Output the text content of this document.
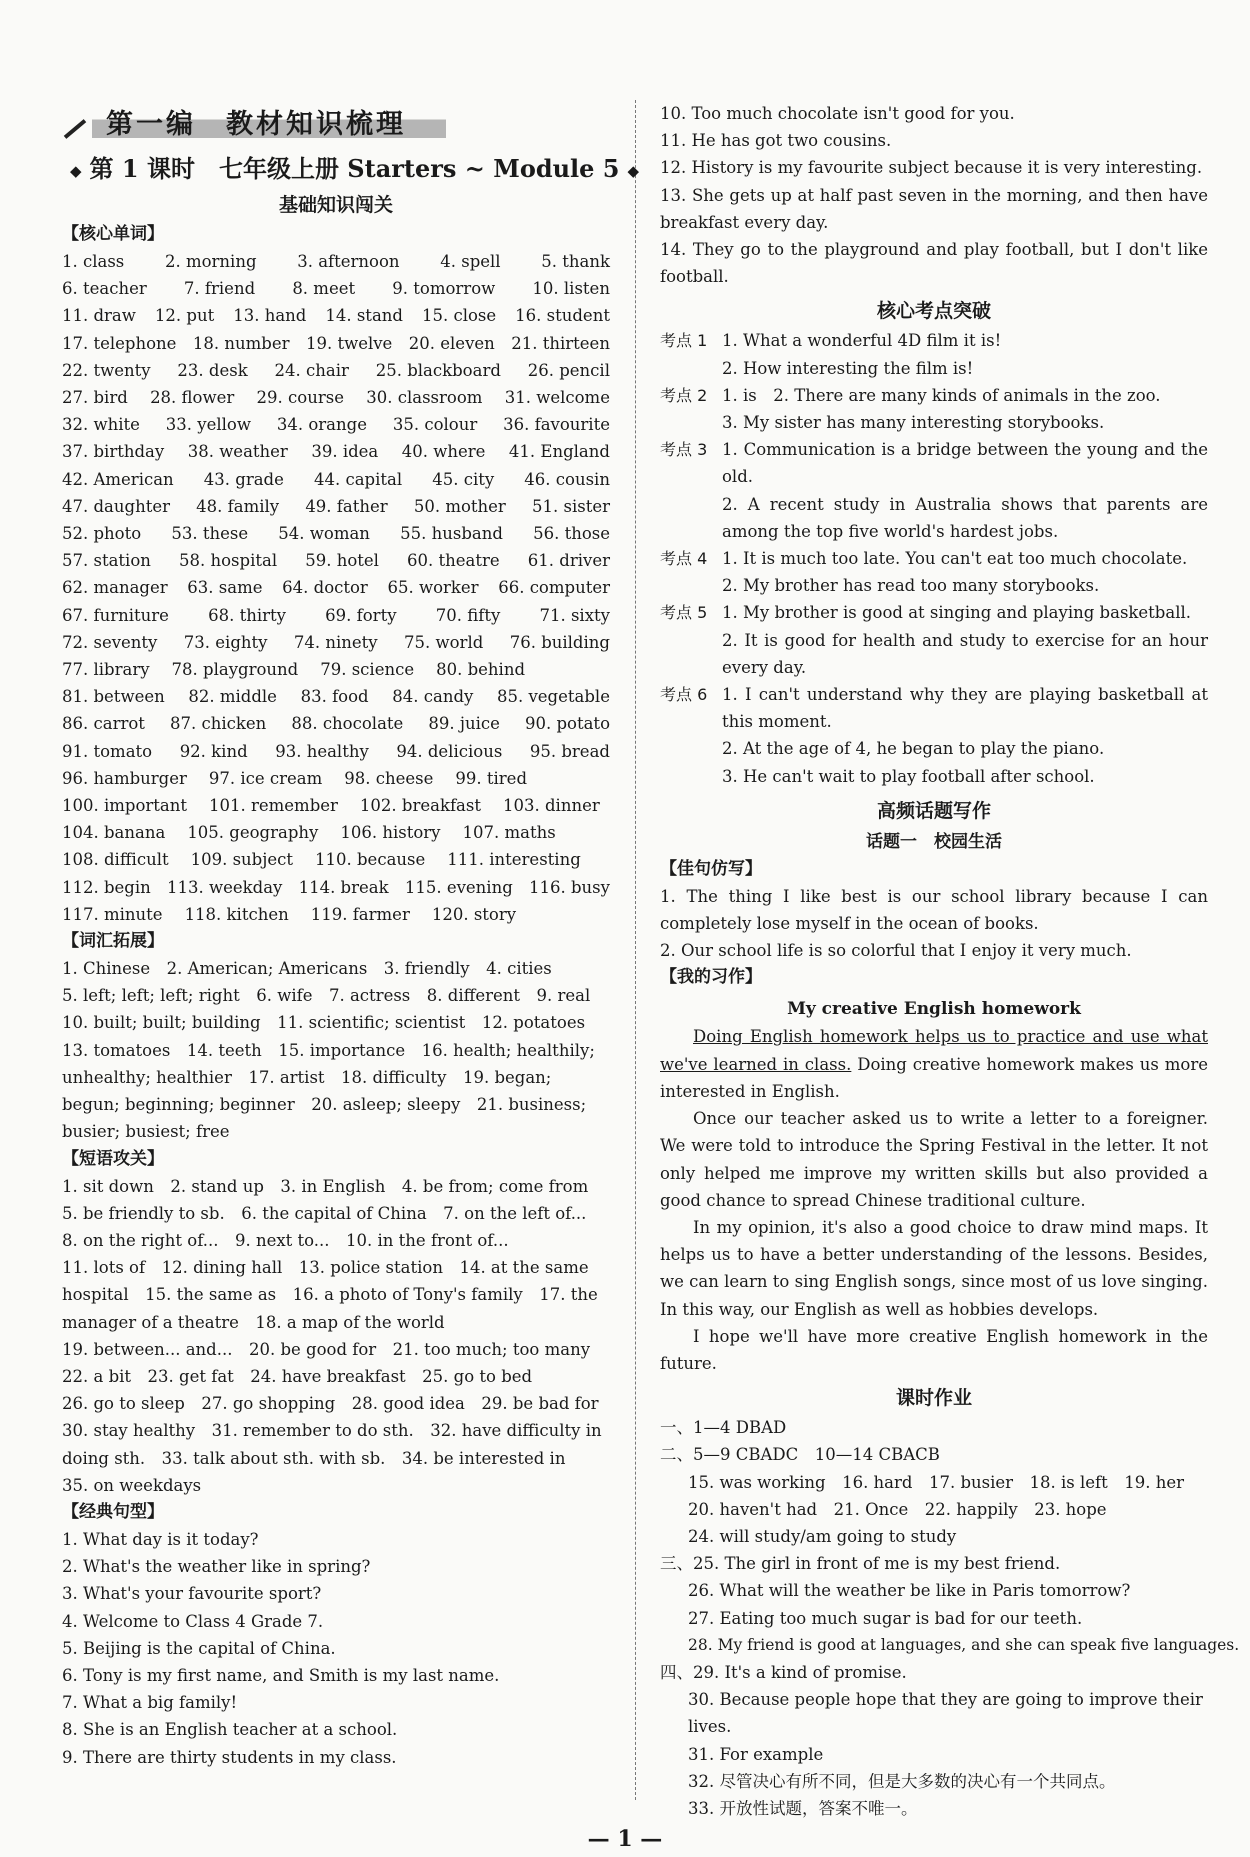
第一编　教材知识梳理
◆ 第 1 课时　七年级上册 Starters ~ Module 5 ◆
基础知识闯关
【核心单词】
1. class 2. morning 3. afternoon 4. spell 5. thank
6. teacher 7. friend 8. meet 9. tomorrow 10. listen
11. draw 12. put 13. hand 14. stand 15. close 16. student
17. telephone 18. number 19. twelve 20. eleven 21. thirteen
22. twenty 23. desk 24. chair 25. blackboard 26. pencil
27. bird 28. flower 29. course 30. classroom 31. welcome
32. white 33. yellow 34. orange 35. colour 36. favourite
37. birthday 38. weather 39. idea 40. where 41. England
42. American 43. grade 44. capital 45. city 46. cousin
47. daughter 48. family 49. father 50. mother 51. sister
52. photo 53. these 54. woman 55. husband 56. those
57. station 58. hospital 59. hotel 60. theatre 61. driver
62. manager 63. same 64. doctor 65. worker 66. computer
67. furniture 68. thirty 69. forty 70. fifty 71. sixty
72. seventy 73. eighty 74. ninety 75. world 76. building
77. library 78. playground 79. science 80. behind
81. between 82. middle 83. food 84. candy 85. vegetable
86. carrot 87. chicken 88. chocolate 89. juice 90. potato
91. tomato 92. kind 93. healthy 94. delicious 95. bread
96. hamburger 97. ice cream 98. cheese 99. tired
100. important 101. remember 102. breakfast 103. dinner
104. banana 105. geography 106. history 107. maths
108. difficult 109. subject 110. because 111. interesting
112. begin 113. weekday 114. break 115. evening 116. busy
117. minute 118. kitchen 119. farmer 120. story
【词汇拓展】
1. Chinese　2. American; Americans　3. friendly　4. cities
5. left; left; left; right　6. wife　7. actress　8. different　9. real
10. built; built; building　11. scientific; scientist　12. potatoes
13. tomatoes　14. teeth　15. importance　16. health; healthily;
unhealthy; healthier　17. artist　18. difficulty　19. began;
begun; beginning; beginner　20. asleep; sleepy　21. business;
busier; busiest; free
【短语攻关】
1. sit down　2. stand up　3. in English　4. be from; come from
5. be friendly to sb.　6. the capital of China　7. on the left of...
8. on the right of...　9. next to...　10. in the front of...
11. lots of　12. dining hall　13. police station　14. at the same
hospital　15. the same as　16. a photo of Tony's family　17. the
manager of a theatre　18. a map of the world
19. between... and...　20. be good for　21. too much; too many
22. a bit　23. get fat　24. have breakfast　25. go to bed
26. go to sleep　27. go shopping　28. good idea　29. be bad for
30. stay healthy　31. remember to do sth.　32. have difficulty in
doing sth.　33. talk about sth. with sb.　34. be interested in
35. on weekdays
【经典句型】
1. What day is it today?
2. What's the weather like in spring?
3. What's your favourite sport?
4. Welcome to Class 4 Grade 7.
5. Beijing is the capital of China.
6. Tony is my first name, and Smith is my last name.
7. What a big family!
8. She is an English teacher at a school.
9. There are thirty students in my class.
10. Too much chocolate isn't good for you.
11. He has got two cousins.
12. History is my favourite subject because it is very interesting.
13. She gets up at half past seven in the morning, and then have breakfast every day.
14. They go to the playground and play football, but I don't like football.
核心考点突破
考点 1 1. What a wonderful 4D film it is!
2. How interesting the film is!
考点 2 1. is　2. There are many kinds of animals in the zoo.
3. My sister has many interesting storybooks.
考点 3 1. Communication is a bridge between the young and the old.
2. A recent study in Australia shows that parents are among the top five world's hardest jobs.
考点 4 1. It is much too late. You can't eat too much chocolate.
2. My brother has read too many storybooks.
考点 5 1. My brother is good at singing and playing basketball.
2. It is good for health and study to exercise for an hour every day.
考点 6 1. I can't understand why they are playing basketball at this moment.
2. At the age of 4, he began to play the piano.
3. He can't wait to play football after school.
高频话题写作
话题一　校园生活
【佳句仿写】
1. The thing I like best is our school library because I can completely lose myself in the ocean of books.
2. Our school life is so colorful that I enjoy it very much.
【我的习作】
My creative English homework
Doing English homework helps us to practice and use what we've learned in class. Doing creative homework makes us more interested in English.
Once our teacher asked us to write a letter to a foreigner. We were told to introduce the Spring Festival in the letter. It not only helped me improve my written skills but also provided a good chance to spread Chinese traditional culture.
In my opinion, it's also a good choice to draw mind maps. It helps us to have a better understanding of the lessons. Besides, we can learn to sing English songs, since most of us love singing. In this way, our English as well as hobbies develops.
I hope we'll have more creative English homework in the future.
课时作业
一、1—4 DBAD
二、5—9 CBADC　10—14 CBACB
15. was working　16. hard　17. busier　18. is left　19. her
20. haven't had　21. Once　22. happily　23. hope
24. will study/am going to study
三、25. The girl in front of me is my best friend.
26. What will the weather be like in Paris tomorrow?
27. Eating too much sugar is bad for our teeth.
28. My friend is good at languages, and she can speak five languages.
四、29. It's a kind of promise.
30. Because people hope that they are going to improve their lives.
31. For example
32. 尽管决心有所不同，但是大多数的决心有一个共同点。
33. 开放性试题，答案不唯一。
— 1 —
